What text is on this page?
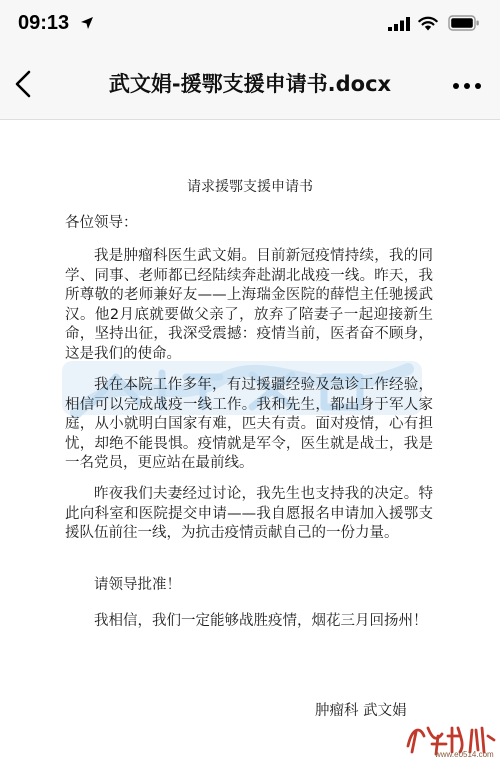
09:13
武文娟-援鄂支援申请书.docx
请求援鄂支援申请书
各位领导：

我是肿瘤科医生武文娟。目前新冠疫情持续，我的同学、同事、老师都已经陆续奔赴湖北战疫一线。昨天，我所尊敬的老师兼好友——上海瑞金医院的薛恺主任驰援武汉。他2月底就要做父亲了，放弃了陪妻子一起迎接新生命，坚持出征，我深受震撼：疫情当前，医者奋不顾身，这是我们的使命。

我在本院工作多年，有过援疆经验及急诊工作经验，相信可以完成战疫一线工作。我和先生，都出身于军人家庭，从小就明白国家有难，匹夫有责。面对疫情，心有担忧，却绝不能畏惧。疫情就是军令，医生就是战士，我是一名党员，更应站在最前线。

昨夜我们夫妻经过讨论，我先生也支持我的决定。特此向科室和医院提交申请——我自愿报名申请加入援鄂支援队伍前往一线，为抗击疫情贡献自己的一份力量。

请领导批准！

我相信，我们一定能够战胜疫情，烟花三月回扬州！

肿瘤科 武文娟
www.e0514.com
